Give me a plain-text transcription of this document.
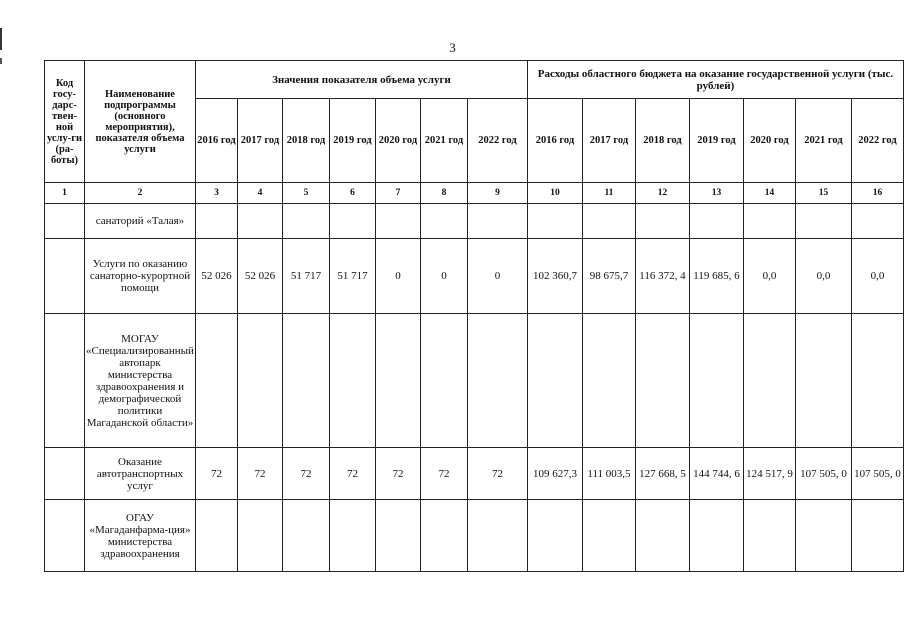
3
Код госу-дарс-твен-ной услу-ги (ра-боты)	Наименование подпрограммы (основного мероприятия), показателя объема услуги	Значения показателя объема услуги							Расходы областного бюджета на оказание государственной услуги (тыс. рублей)						
		2016 год	2017 год	2018 год	2019 год	2020 год	2021 год	2022 год	2016 год	2017 год	2018 год	2019 год	2020 год	2021 год	2022 год
1	2	3	4	5	6	7	8	9	10	11	12	13	14	15	16
	санаторий «Талая»														
	Услуги по оказанию санаторно-курортной помощи	52 026	52 026	51 717	51 717	0	0	0	102 360,7	98 675,7	116 372, 4	119 685, 6	0,0	0,0	0,0
	МОГАУ «Специализированный автопарк министерства здравоохранения и демографической политики Магаданской области»														
	Оказание автотранспортных услуг	72	72	72	72	72	72	72	109 627,3	111 003,5	127 668, 5	144 744, 6	124 517, 9	107 505, 0	107 505, 0
	ОГАУ «Магаданфарма-ция» министерства здравоохранения														
